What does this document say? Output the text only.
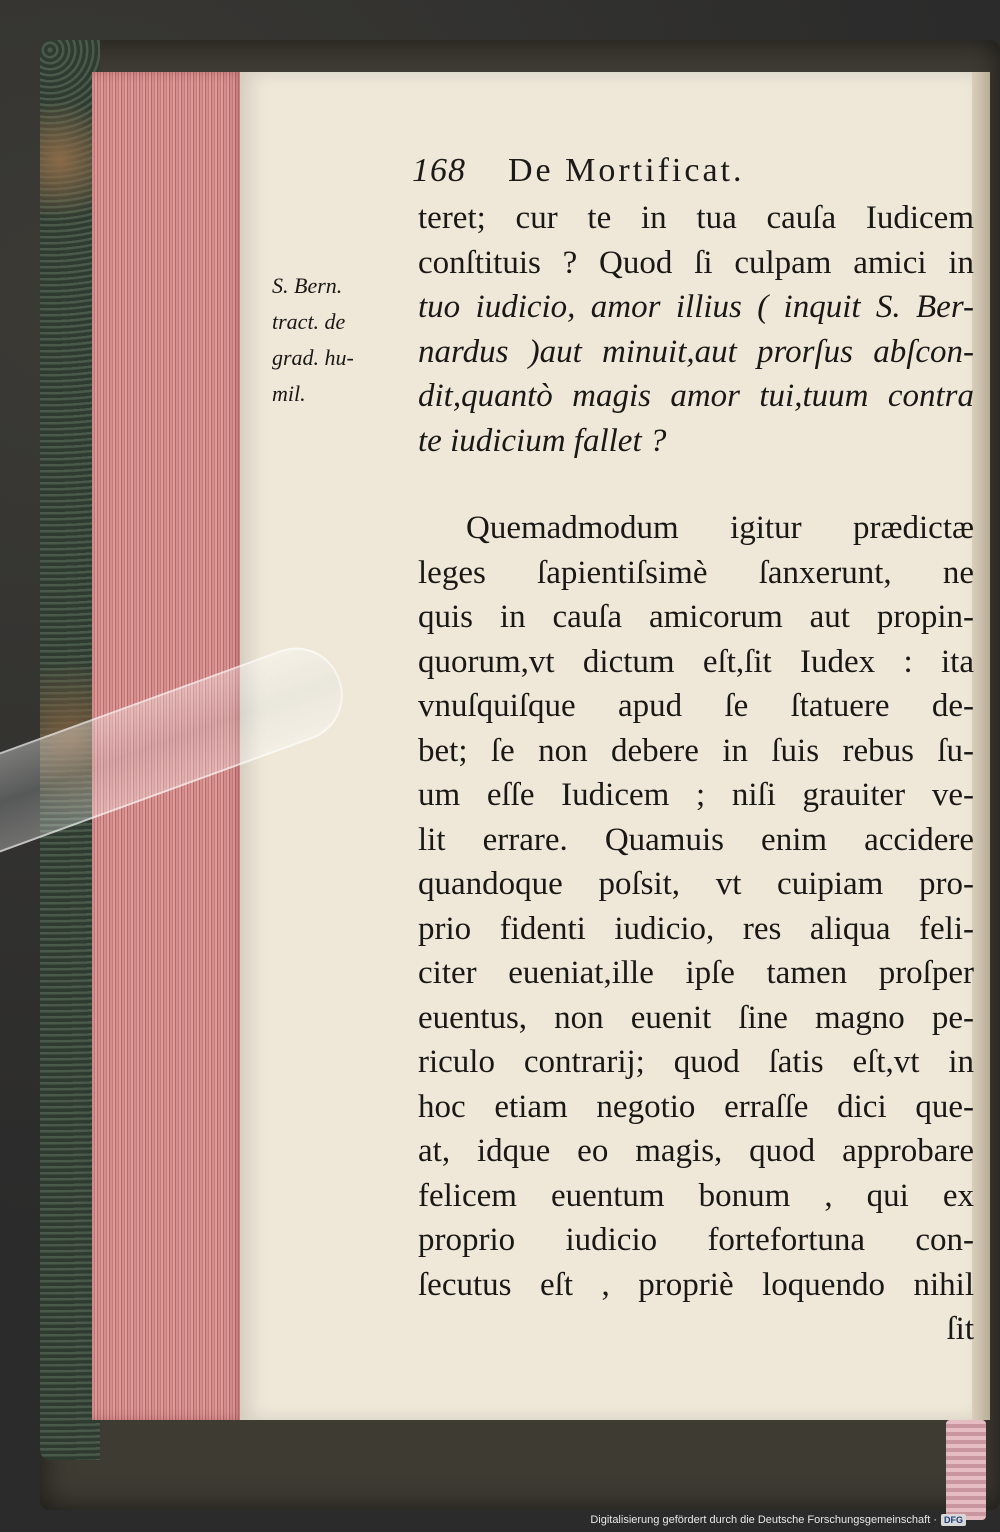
168 De Mortificat.
S. Bern.
tract. de
grad. hu-
mil.
teret; cur te in tua cauſa Iudicem
conſtituis ? Quod ſi culpam amici in
tuo iudicio, amor illius ( inquit S. Ber-
nardus )aut minuit,aut prorſus abſcon-
dit,quantò magis amor tui,tuum contra
te iudicium fallet ?
Quemadmodum igitur prædictæ
leges ſapientiſsimè ſanxerunt, ne
quis in cauſa amicorum aut propin-
quorum,vt dictum eſt,ſit Iudex : ita
vnuſquiſque apud ſe ſtatuere de-
bet; ſe non debere in ſuis rebus ſu-
um eſſe Iudicem ; niſi grauiter ve-
lit errare. Quamuis enim accidere
quandoque poſsit, vt cuipiam pro-
prio fidenti iudicio, res aliqua feli-
citer eueniat,ille ipſe tamen proſper
euentus, non euenit ſine magno pe-
riculo contrarij; quod ſatis eſt,vt in
hoc etiam negotio erraſſe dici que-
at, idque eo magis, quod approbare
felicem euentum bonum , qui ex
proprio iudicio fortefortuna con-
ſecutus eſt , propriè loquendo nihil
ſit
Digitalisierung gefördert durch die Deutsche Forschungsgemeinschaft · DFG
